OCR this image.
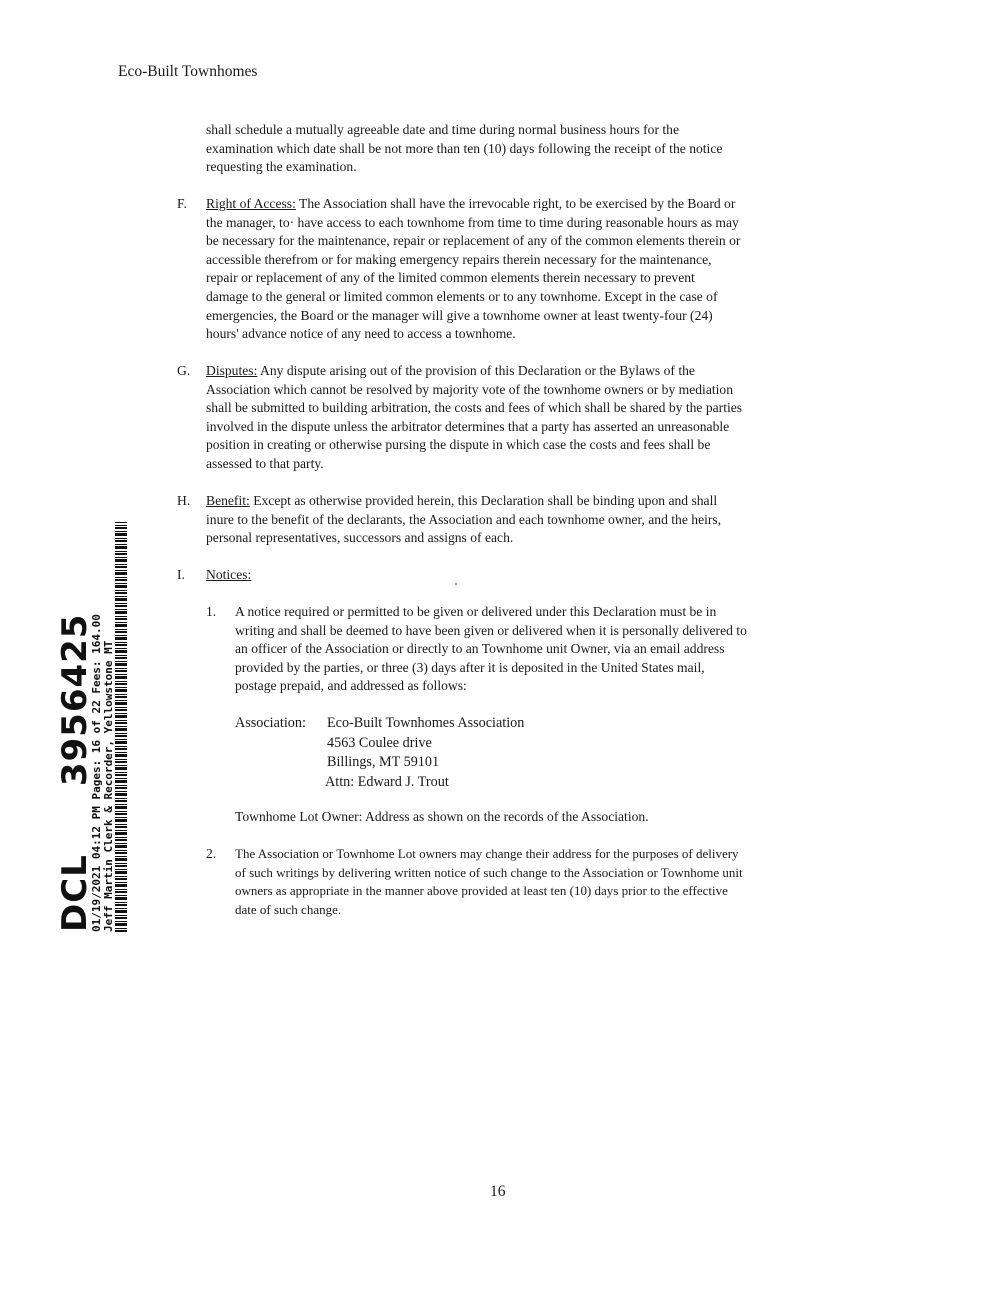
Eco-Built Townhomes
shall schedule a mutually agreeable date and time during normal business hours for the
examination which date shall be not more than ten (10) days following the receipt of the notice
requesting the examination.
F. Right of Access: The Association shall have the irrevocable right, to be exercised by the Board or
the manager, to· have access to each townhome from time to time during reasonable hours as may
be necessary for the maintenance, repair or replacement of any of the common elements therein or
accessible therefrom or for making emergency repairs therein necessary for the maintenance,
repair or replacement of any of the limited common elements therein necessary to prevent
damage to the general or limited common elements or to any townhome. Except in the case of
emergencies, the Board or the manager will give a townhome owner at least twenty-four (24)
hours' advance notice of any need to access a townhome.
G. Disputes: Any dispute arising out of the provision of this Declaration or the Bylaws of the
Association which cannot be resolved by majority vote of the townhome owners or by mediation
shall be submitted to building arbitration, the costs and fees of which shall be shared by the parties
involved in the dispute unless the arbitrator determines that a party has asserted an unreasonable
position in creating or otherwise pursing the dispute in which case the costs and fees shall be
assessed to that party.
H. Benefit: Except as otherwise provided herein, this Declaration shall be binding upon and shall
inure to the benefit of the declarants, the Association and each townhome owner, and the heirs,
personal representatives, successors and assigns of each.
I. Notices:
1. A notice required or permitted to be given or delivered under this Declaration must be in
writing and shall be deemed to have been given or delivered when it is personally delivered to
an officer of the Association or directly to an Townhome unit Owner, via an email address
provided by the parties, or three (3) days after it is deposited in the United States mail,
postage prepaid, and addressed as follows:
Association: Eco-Built Townhomes Association
4563 Coulee drive
Billings, MT 59101
Attn: Edward J. Trout
Townhome Lot Owner: Address as shown on the records of the Association.
2. The Association or Townhome Lot owners may change their address for the purposes of delivery
of such writings by delivering written notice of such change to the Association or Townhome unit
owners as appropriate in the manner above provided at least ten (10) days prior to the effective
date of such change.
16
DCL3956425
01/19/2021 04:12 PM Pages: 16 of 22 Fees: 164.00 Jeff Martin Clerk & Recorder, Yellowstone MT
